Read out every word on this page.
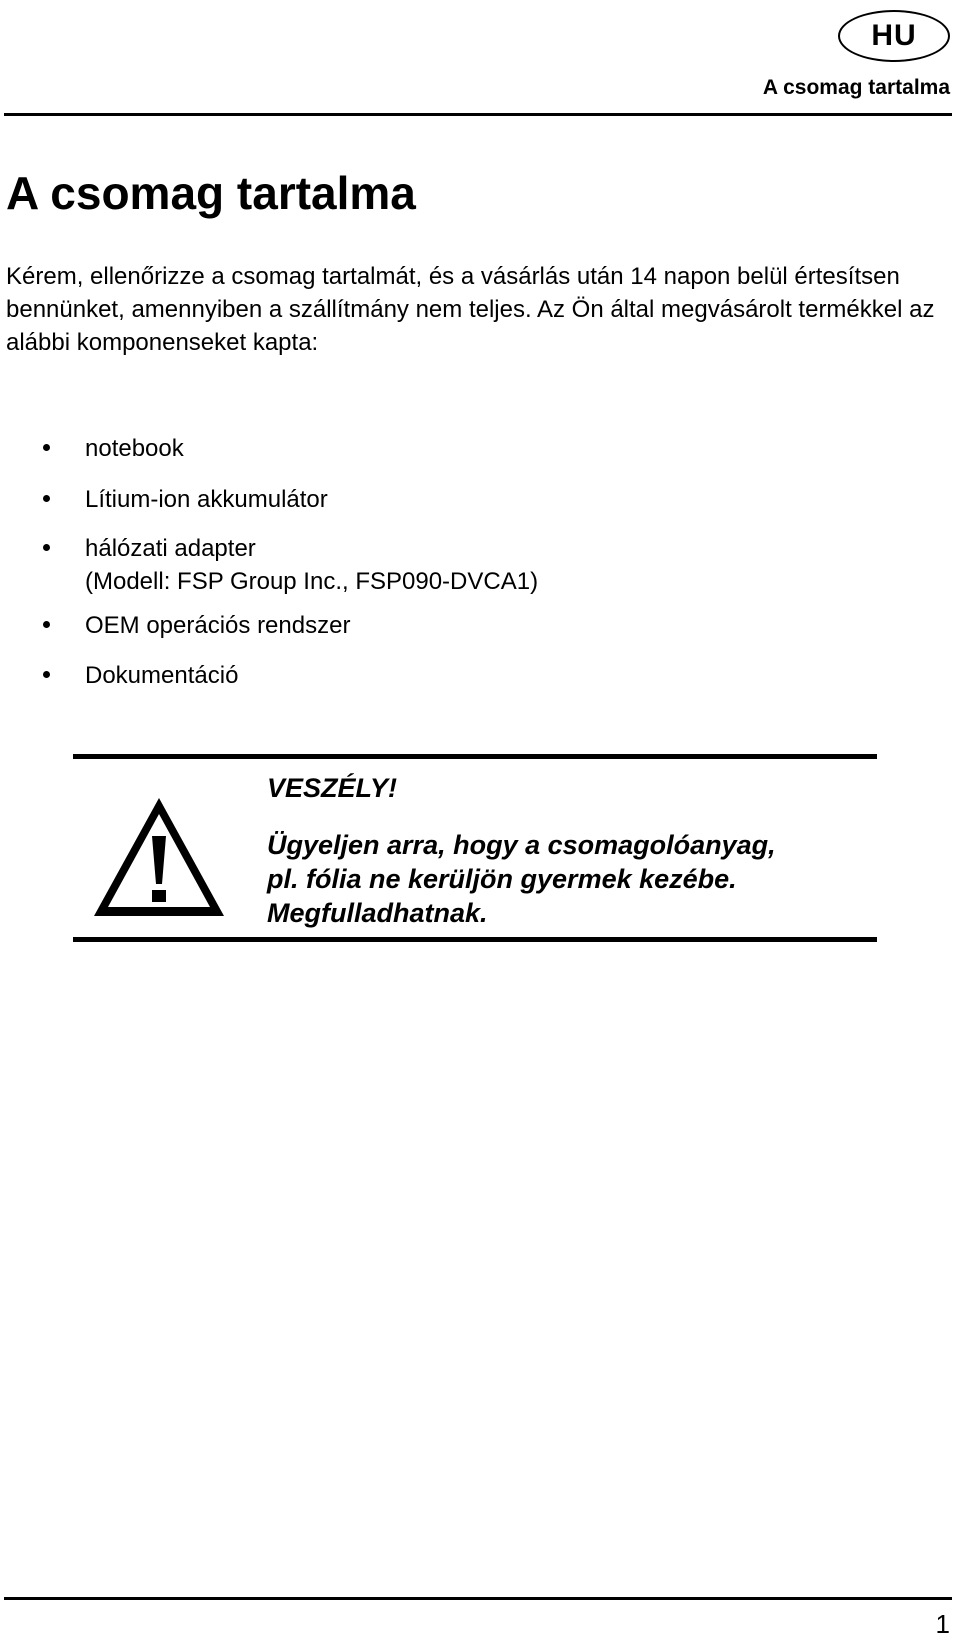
HU
A csomag tartalma
A csomag tartalma

Kérem, ellenőrizze a csomag tartalmát, és a vásárlás után 14 napon belül értesítsen bennünket, amennyiben a szállítmány nem teljes. Az Ön által megvásárolt termékkel az alábbi komponenseket kapta:

notebook
Lítium-ion akkumulátor
hálózati adapter
(Modell: FSP Group Inc., FSP090-DVCA1)
OEM operációs rendszer
Dokumentáció
VESZÉLY!
Ügyeljen arra, hogy a csomagolóanyag,
pl. fólia ne kerüljön gyermek kezébe.
Megfulladhatnak.
1
